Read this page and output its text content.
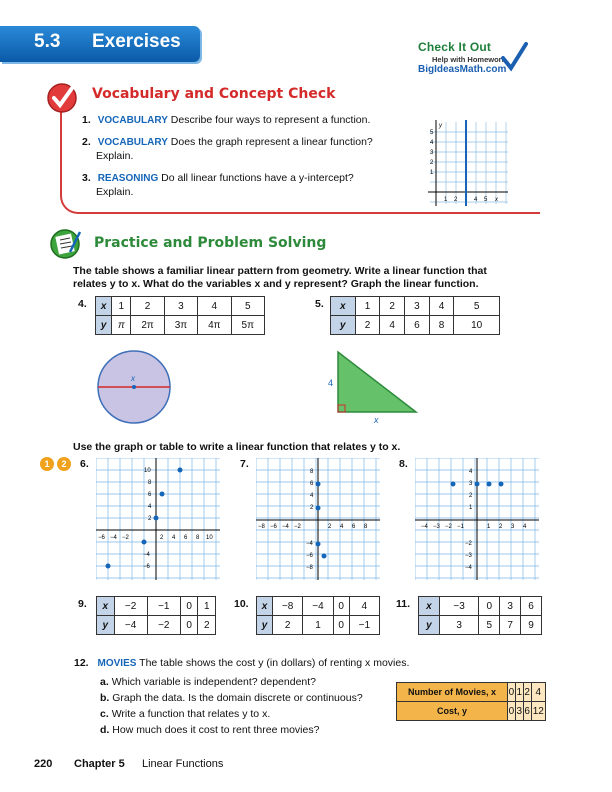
5.3 Exercises	Check It Out
Help with Homework
BigIdeasMath.com
Vocabulary and Concept Check
1. VOCABULARY Describe four ways to represent a function.
2. VOCABULARY Does the graph represent a linear function?
Explain.
3. REASONING Do all linear functions have a y-intercept?
Explain.
5
4
3
2
1
1 2	4 5 x
y
Practice and Problem Solving
The table shows a familiar linear pattern from geometry. Write a linear function that
relates y to x. What do the variables x and y represent? Graph the linear function.
4. x	1	2	3	4	5
y	π	2π	3π	4π	5π
x
5. x	1	2	3	4	5
y	2	4	6	8	10
4
x
Use the graph or table to write a linear function that relates y to x.
1	2	6.
10
8
6
4
2
−4
−6
−6 −4 −2	2 4 6 8 10
7.
8
6
4
2
−4
−6
−8
−8 −6 −4 −2	2 4 6 8
8.
4
3
2
1
−2
−3
−4
−4 −3 −2 −1	1 2 3 4
9. x	−2	−1	0	1
y	−4	−2	0	2
10. x	−8	−4	0	4
y	2	1	0	−1
11. x	−3	0	3	6
y	3	5	7	9
12. MOVIES The table shows the cost y (in dollars) of renting x movies.
a. Which variable is independent? dependent?
b. Graph the data. Is the domain discrete or continuous?
c. Write a function that relates y to x.
d. How much does it cost to rent three movies?
Number of Movies, x	0	1	2	4
Cost, y	0	3	6	12
220 Chapter 5 Linear Functions
